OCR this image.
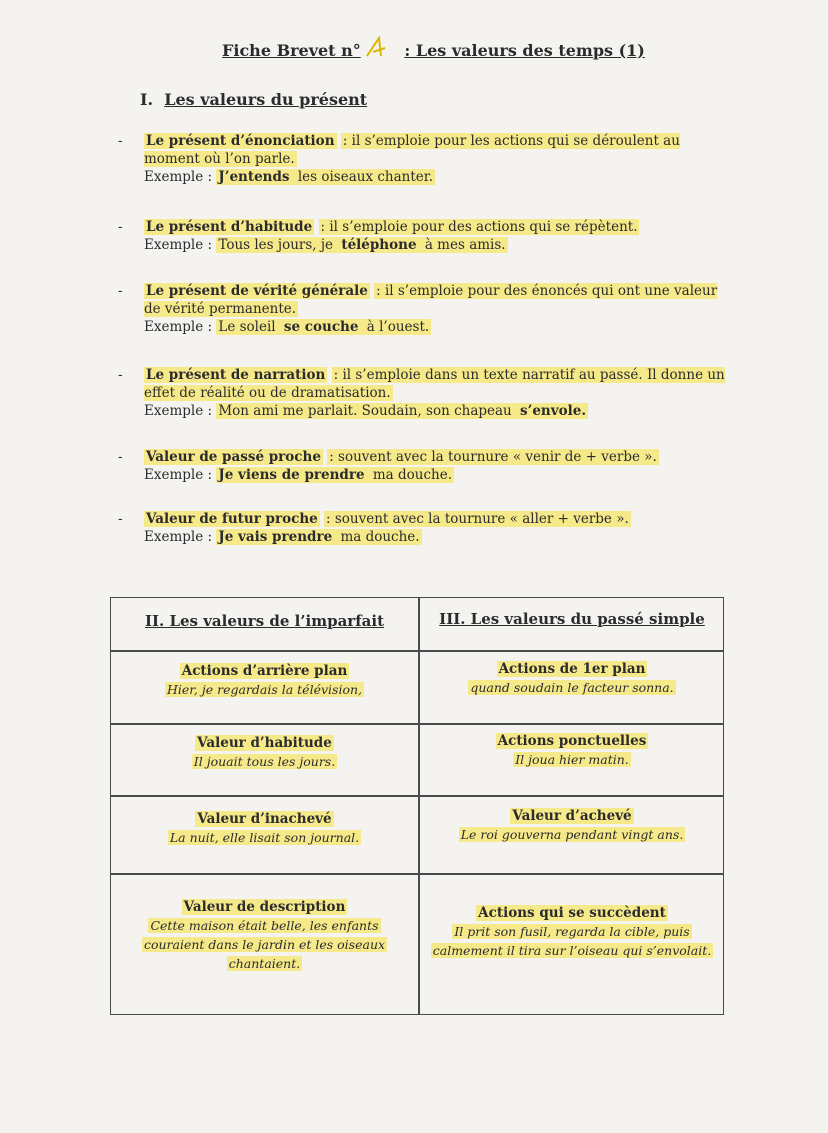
Fiche Brevet n°	: Les valeurs des temps (1)
I. Les valeurs du présent
- Le présent d’énonciation : il s’emploie pour les actions qui se déroulent au moment où l’on parle.
Exemple : J’entends les oiseaux chanter.
- Le présent d’habitude : il s’emploie pour des actions qui se répètent.
Exemple : Tous les jours, je téléphone à mes amis.
- Le présent de vérité générale : il s’emploie pour des énoncés qui ont une valeur de vérité permanente.
Exemple : Le soleil se couche à l’ouest.
- Le présent de narration : il s’emploie dans un texte narratif au passé. Il donne un effet de réalité ou de dramatisation.
Exemple : Mon ami me parlait. Soudain, son chapeau s’envole.
- Valeur de passé proche : souvent avec la tournure « venir de + verbe ».
Exemple : Je viens de prendre ma douche.
- Valeur de futur proche : souvent avec la tournure « aller + verbe ».
Exemple : Je vais prendre ma douche.
II. Les valeurs de l’imparfait	III. Les valeurs du passé simple
Actions d’arrière plan
Hier, je regardais la télévision,
Actions de 1er plan
quand soudain le facteur sonna.
Valeur d’habitude
Il jouait tous les jours.
Actions ponctuelles
Il joua hier matin.
Valeur d’inachevé
La nuit, elle lisait son journal.
Valeur d’achevé
Le roi gouverna pendant vingt ans.
Valeur de description
Cette maison était belle, les enfants
couraient dans le jardin et les oiseaux
chantaient.
Actions qui se succèdent
Il prit son fusil, regarda la cible, puis
calmement il tira sur l’oiseau qui s’envolait.
